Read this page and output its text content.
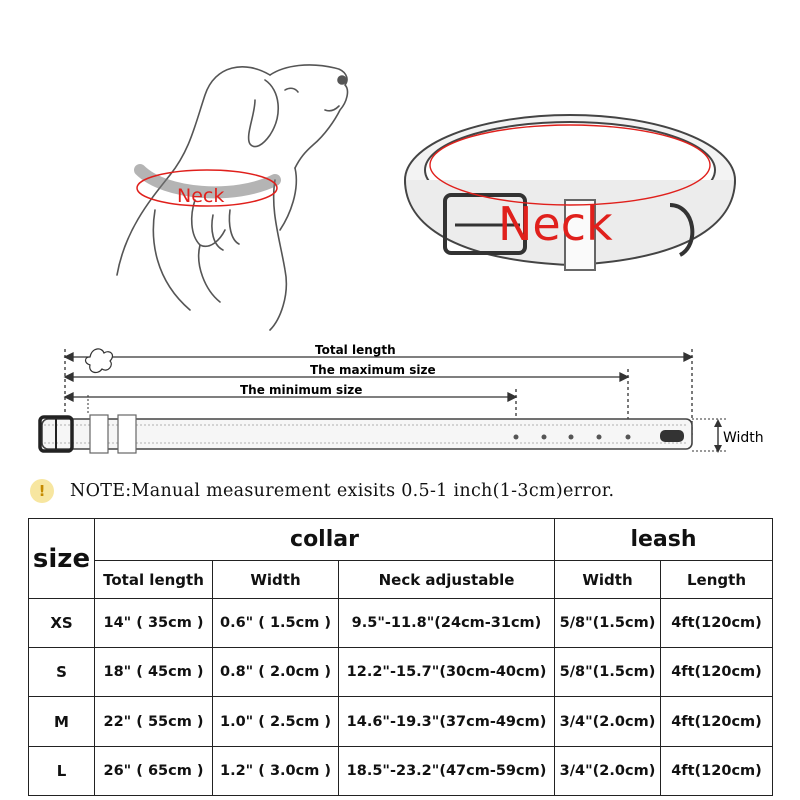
Neck
Neck
Total length
The maximum size
The minimum size
Width
!	NOTE:Manual measurement exisits 0.5-1 inch(1-3cm)error.
size	collar			leash	
	Total length	Width	Neck adjustable	Width	Length
XS	14" ( 35cm )	0.6" ( 1.5cm )	9.5"-11.8"(24cm-31cm)	5/8"(1.5cm)	4ft(120cm)
S	18" ( 45cm )	0.8" ( 2.0cm )	12.2"-15.7"(30cm-40cm)	5/8"(1.5cm)	4ft(120cm)
M	22" ( 55cm )	1.0" ( 2.5cm )	14.6"-19.3"(37cm-49cm)	3/4"(2.0cm)	4ft(120cm)
L	26" ( 65cm )	1.2" ( 3.0cm )	18.5"-23.2"(47cm-59cm)	3/4"(2.0cm)	4ft(120cm)
